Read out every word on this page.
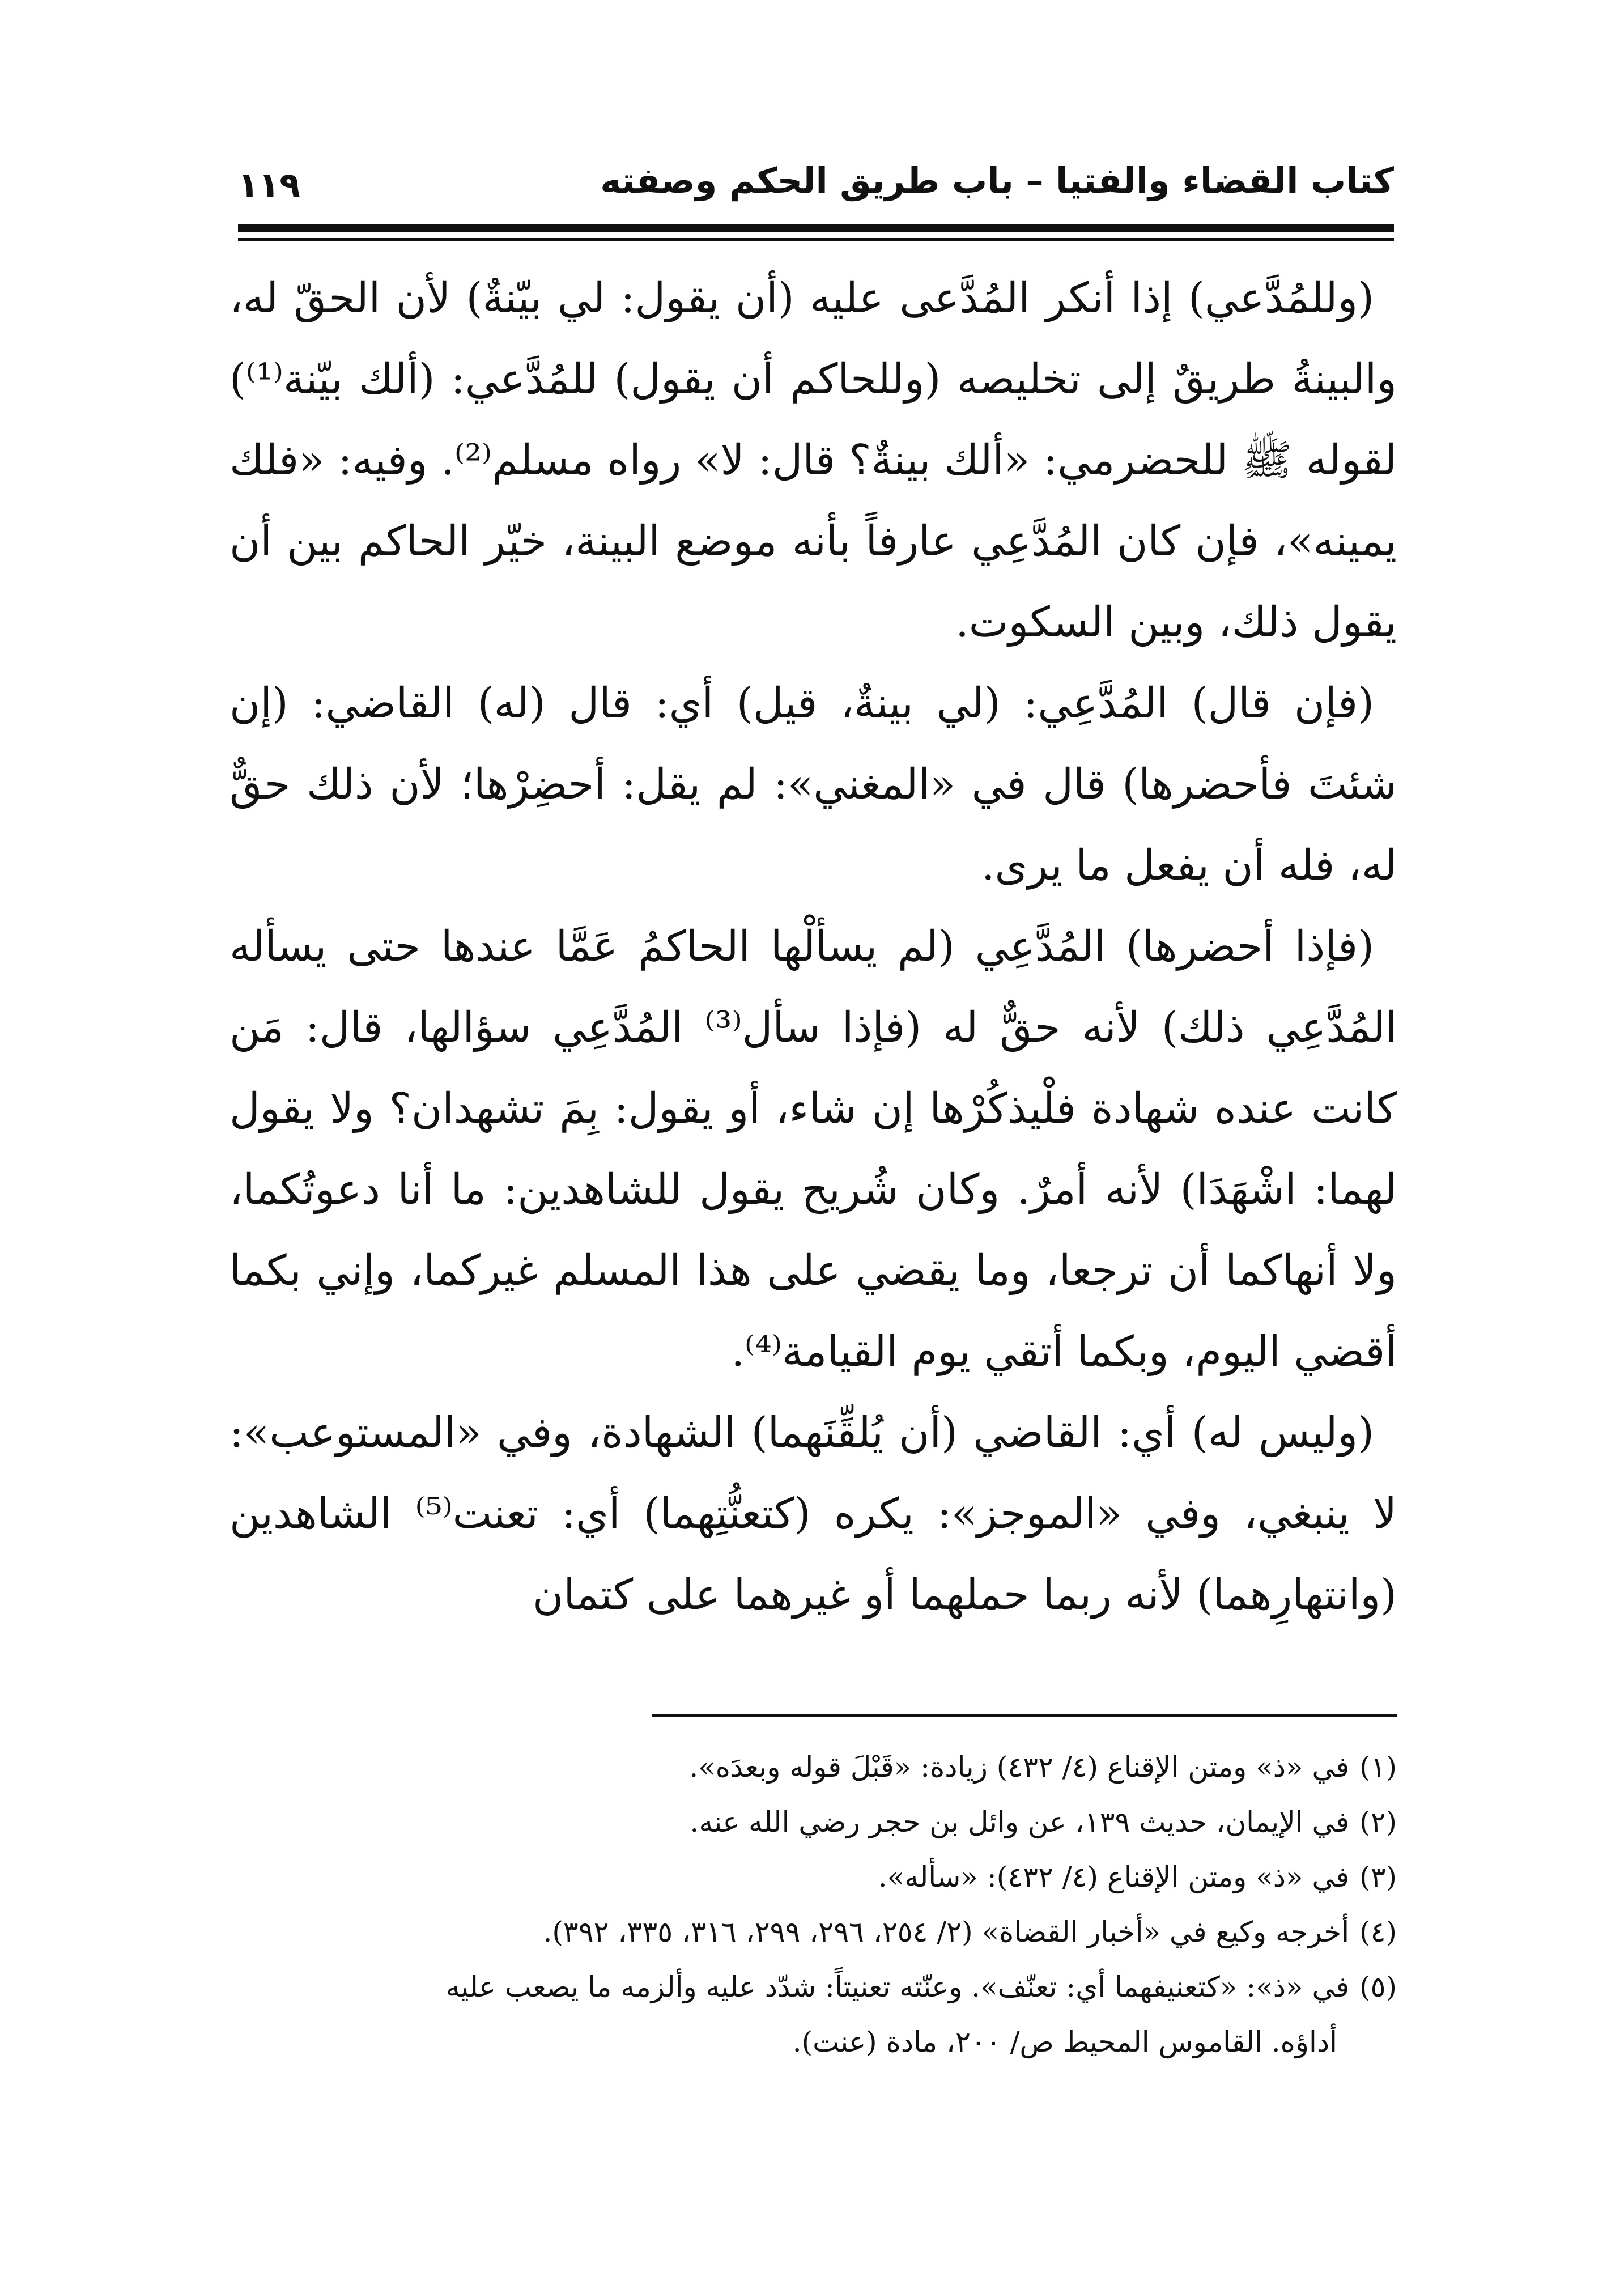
كتاب القضاء والفتيا – باب طريق الحكم وصفته
١١٩

(وللمُدَّعي) إذا أنكر المُدَّعى عليه (أن يقول: لي بيّنةٌ) لأن الحقّ له، والبينةُ طريقٌ إلى تخليصه (وللحاكم أن يقول) للمُدَّعي: (ألك بيّنة⁽¹⁾) لقوله ﷺ للحضرمي: «ألك بينةٌ؟ قال: لا» رواه مسلم⁽²⁾. وفيه: «فلك يمينه»، فإن كان المُدَّعِي عارفاً بأنه موضع البينة، خيّر الحاكم بين أن يقول ذلك، وبين السكوت.

(فإن قال) المُدَّعِي: (لي بينةٌ، قيل) أي: قال (له) القاضي: (إن شئتَ فأحضرها) قال في «المغني»: لم يقل: أحضِرْها؛ لأن ذلك حقٌّ له، فله أن يفعل ما يرى.

(فإذا أحضرها) المُدَّعِي (لم يسألْها الحاكمُ عَمَّا عندها حتى يسأله المُدَّعِي ذلك) لأنه حقٌّ له (فإذا سأل⁽³⁾ المُدَّعِي سؤالها، قال: مَن كانت عنده شهادة فلْيذكُرْها إن شاء، أو يقول: بِمَ تشهدان؟ ولا يقول لهما: اشْهَدَا) لأنه أمرٌ. وكان شُريح يقول للشاهدين: ما أنا دعوتُكما، ولا أنهاكما أن ترجعا، وما يقضي على هذا المسلم غيركما، وإني بكما أقضي اليوم، وبكما أتقي يوم القيامة⁽⁴⁾.

(وليس له) أي: القاضي (أن يُلقِّنَهما) الشهادة، وفي «المستوعب»: لا ينبغي، وفي «الموجز»: يكره (كتعنُّتِهما) أي: تعنت⁽⁵⁾ الشاهدين (وانتهارِهما) لأنه ربما حملهما أو غيرهما على كتمان

(١)في «ذ» ومتن الإقناع (٤/ ٤٣٢) زيادة: «قَبْلَ قوله وبعدَه».

(٢)في الإيمان، حديث ١٣٩، عن وائل بن حجر رضي الله عنه.

(٣)في «ذ» ومتن الإقناع (٤/ ٤٣٢): «سأله».

(٤)أخرجه وكيع في «أخبار القضاة» (٢/ ٢٥٤، ٢٩٦، ٢٩٩، ٣١٦، ٣٣٥، ٣٩٢).

(٥)في «ذ»: «كتعنيفهما أي: تعنّف». وعنّته تعنيتاً: شدّد عليه وألزمه ما يصعب عليه

أداؤه. القاموس المحيط ص/ ٢٠٠، مادة (عنت).
